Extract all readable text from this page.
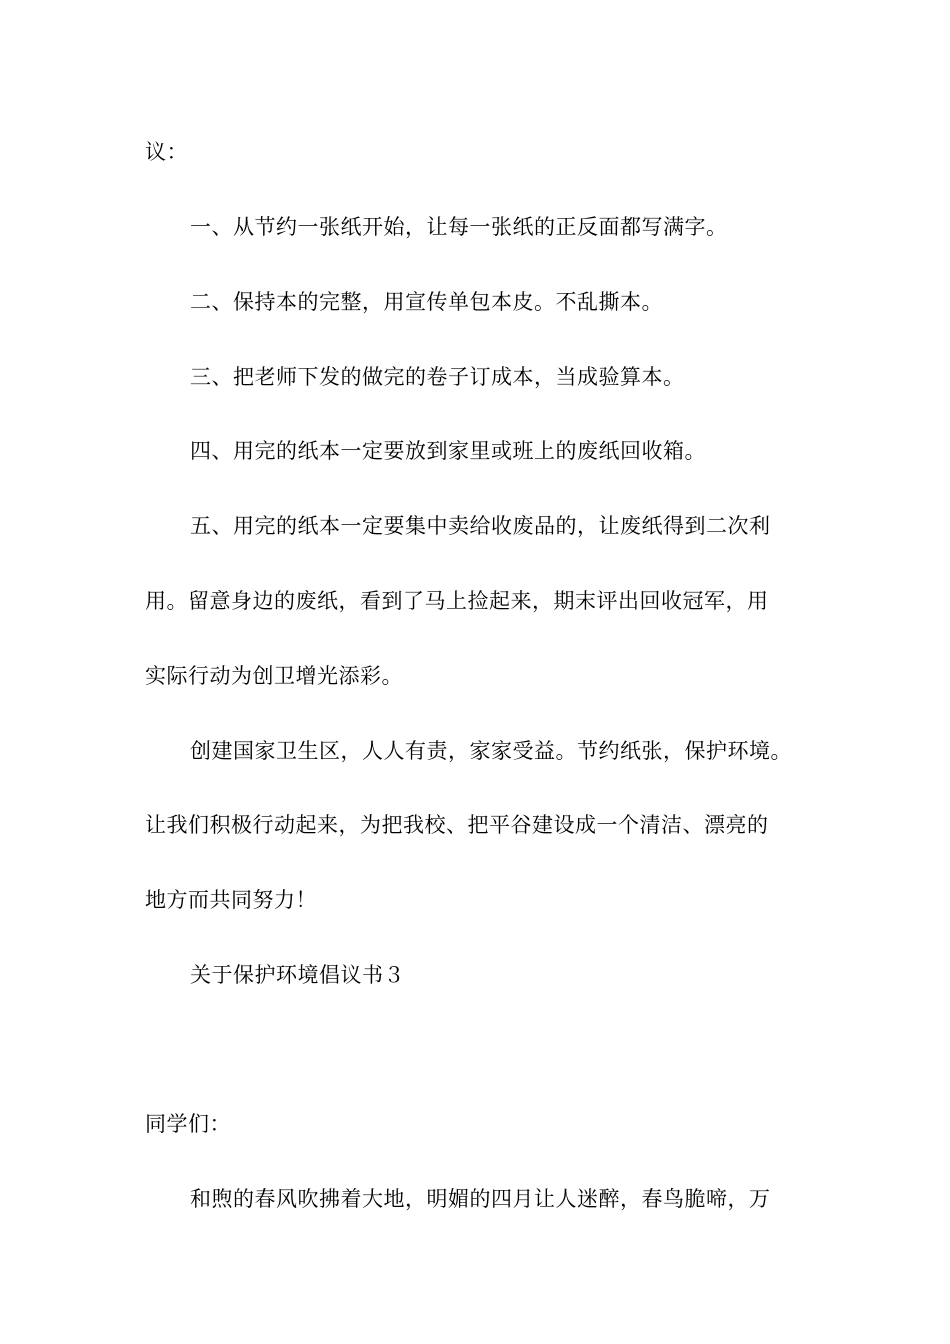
议：
一、从节约一张纸开始，让每一张纸的正反面都写满字。
二、保持本的完整，用宣传单包本皮。不乱撕本。
三、把老师下发的做完的卷子订成本，当成验算本。
四、用完的纸本一定要放到家里或班上的废纸回收箱。
五、用完的纸本一定要集中卖给收废品的，让废纸得到二次利
用。留意身边的废纸，看到了马上捡起来，期末评出回收冠军，用
实际行动为创卫增光添彩。
创建国家卫生区，人人有责，家家受益。节约纸张，保护环境。
让我们积极行动起来，为把我校、把平谷建设成一个清洁、漂亮的
地方而共同努力！
关于保护环境倡议书３
同学们：
和煦的春风吹拂着大地，明媚的四月让人迷醉，春鸟脆啼，万
